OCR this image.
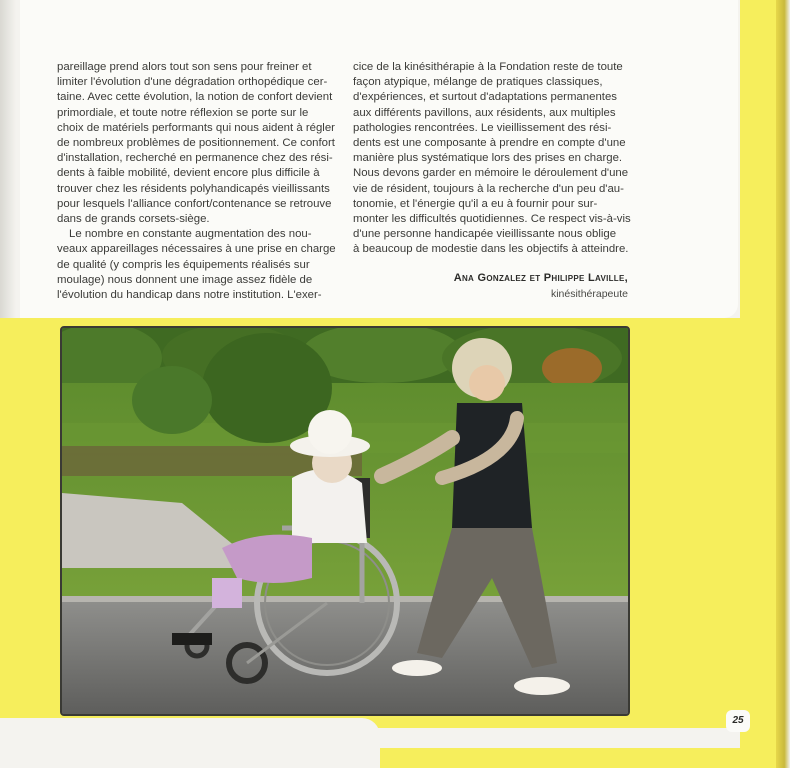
pareillage prend alors tout son sens pour freiner et
limiter l'évolution d'une dégradation orthopédique cer-
taine. Avec cette évolution, la notion de confort devient
primordiale, et toute notre réflexion se porte sur le
choix de matériels performants qui nous aident à régler
de nombreux problèmes de positionnement. Ce confort
d'installation, recherché en permanence chez des rési-
dents à faible mobilité, devient encore plus difficile à
trouver chez les résidents polyhandicapés vieillissants
pour lesquels l'alliance confort/contenance se retrouve
dans de grands corsets-siège.
Le nombre en constante augmentation des nou-
veaux appareillages nécessaires à une prise en charge
de qualité (y compris les équipements réalisés sur
moulage) nous donnent une image assez fidèle de
l'évolution du handicap dans notre institution. L'exer-

cice de la kinésithérapie à la Fondation reste de toute
façon atypique, mélange de pratiques classiques,
d'expériences, et surtout d'adaptations permanentes
aux différents pavillons, aux résidents, aux multiples
pathologies rencontrées. Le vieillissement des rési-
dents est une composante à prendre en compte d'une
manière plus systématique lors des prises en charge.
Nous devons garder en mémoire le déroulement d'une
vie de résident, toujours à la recherche d'un peu d'au-
tonomie, et l'énergie qu'il a eu à fournir pour sur-
monter les difficultés quotidiennes. Ce respect vis-à-vis
d'une personne handicapée vieillissante nous oblige
à beaucoup de modestie dans les objectifs à atteindre.

Ana Gonzalez et Philippe Laville,
kinésithérapeute
25
